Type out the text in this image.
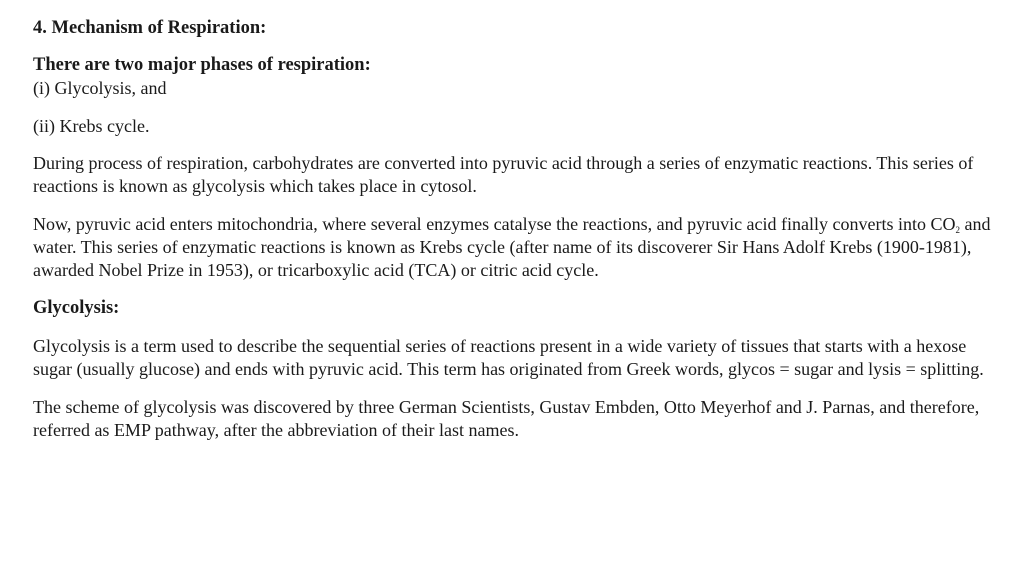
4. Mechanism of Respiration:

There are two major phases of respiration:

(i) Glycolysis, and

(ii) Krebs cycle.

During process of respiration, carbohydrates are converted into pyruvic acid through a series of enzymatic reactions. This series of reactions is known as glycolysis which takes place in cytosol.

Now, pyruvic acid enters mitochondria, where several enzymes catalyse the reactions, and pyruvic acid finally converts into $CO_2$ and water. This series of enzymatic reactions is known as Krebs cycle (after name of its discoverer Sir Hans Adolf Krebs (1900-1981), awarded Nobel Prize in 1953), or tricarboxylic acid (TCA) or citric acid cycle.

Glycolysis:

Glycolysis is a term used to describe the sequential series of reactions present in a wide variety of tissues that starts with a hexose sugar (usually glucose) and ends with pyruvic acid. This term has originated from Greek words, glycos = sugar and lysis = splitting.

The scheme of glycolysis was discovered by three German Scientists, Gustav Embden, Otto Meyerhof and J. Parnas, and therefore, referred as EMP pathway, after the abbreviation of their last names.
